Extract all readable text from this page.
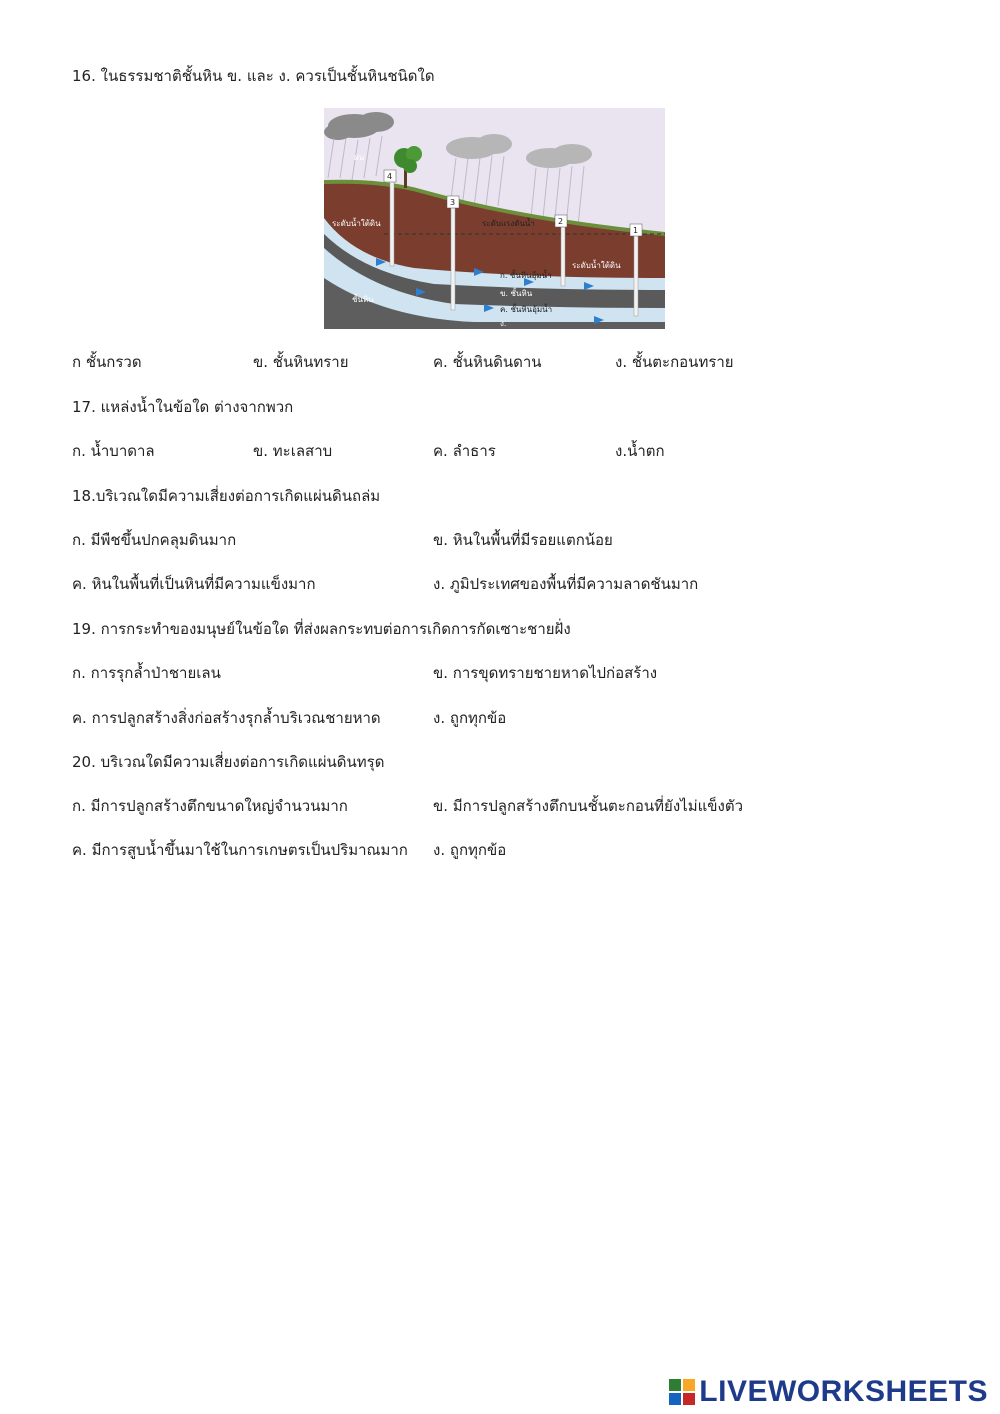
16. ในธรรมชาติชั้นหิน ข. และ ง. ควรเป็นชั้นหินชนิดใด
4
3
2
1
ฝน
ระดับน้ำใต้ดิน	ระดับแรงดันน้ำ
ระดับน้ำใต้ดิน
ก. ชั้นหินอุ้มน้ำ
ข. ชั้นหิน
ค. ชั้นหินอุ้มน้ำ
ง.
ชั้นหิน
ก ชั้นกรวด	ข. ชั้นหินทราย	ค. ชั้นหินดินดาน	ง. ชั้นตะกอนทราย
17. แหล่งน้ำในข้อใด ต่างจากพวก
ก. น้ำบาดาล	ข. ทะเลสาบ	ค. ลำธาร	ง.น้ำตก
18.บริเวณใดมีความเสี่ยงต่อการเกิดแผ่นดินถล่ม
ก. มีพืชขึ้นปกคลุมดินมาก	ข. หินในพื้นที่มีรอยแตกน้อย
ค. หินในพื้นที่เป็นหินที่มีความแข็งมาก	ง. ภูมิประเทศของพื้นที่มีความลาดชันมาก
19. การกระทำของมนุษย์ในข้อใด ที่ส่งผลกระทบต่อการเกิดการกัดเซาะชายฝั่ง
ก. การรุกล้ำป่าชายเลน	ข. การขุดทรายชายหาดไปก่อสร้าง
ค. การปลูกสร้างสิ่งก่อสร้างรุกล้ำบริเวณชายหาด	ง. ถูกทุกข้อ
20. บริเวณใดมีความเสี่ยงต่อการเกิดแผ่นดินทรุด
ก. มีการปลูกสร้างตึกขนาดใหญ่จำนวนมาก	ข. มีการปลูกสร้างตึกบนชั้นตะกอนที่ยังไม่แข็งตัว
ค. มีการสูบน้ำขึ้นมาใช้ในการเกษตรเป็นปริมาณมาก ง. ถูกทุกข้อ
LIVEWORKSHEETS
